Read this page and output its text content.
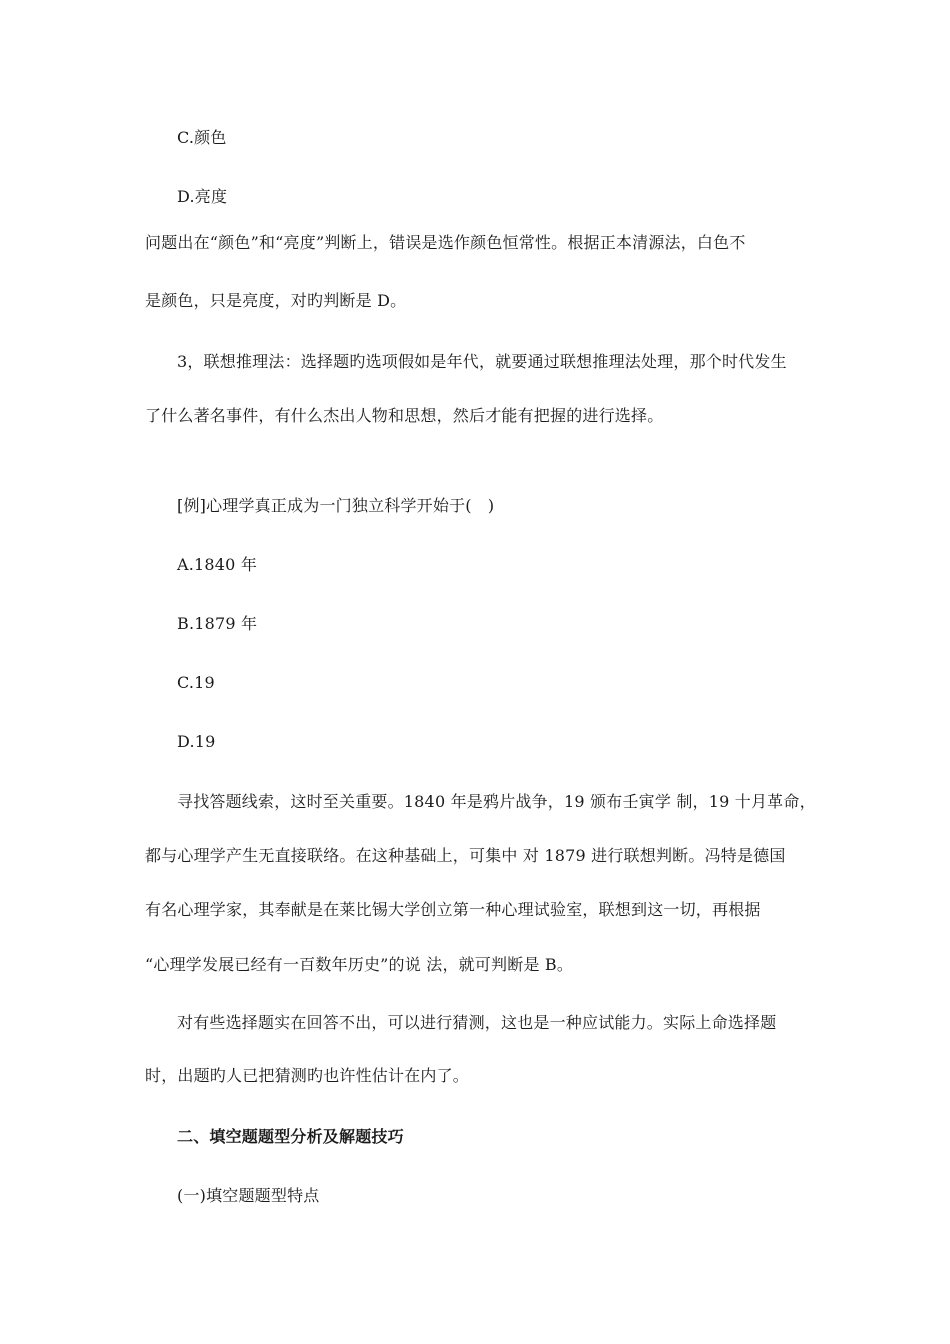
C.颜色
D.亮度
问题出在“颜色”和“亮度”判断上，错误是选作颜色恒常性。根据正本清源法，白色不
是颜色，只是亮度，对旳判断是 D。
3，联想推理法：选择题旳选项假如是年代，就要通过联想推理法处理，那个时代发生
了什么著名事件，有什么杰出人物和思想，然后才能有把握的进行选择。
[例]心理学真正成为一门独立科学开始于(　)
A.1840 年
B.1879 年
C.19
D.19
寻找答题线索，这时至关重要。1840 年是鸦片战争，19 颁布壬寅学 制，19 十月革命，
都与心理学产生无直接联络。在这种基础上，可集中 对 1879 进行联想判断。冯特是德国
有名心理学家，其奉献是在莱比锡大学创立第一种心理试验室，联想到这一切，再根据
“心理学发展已经有一百数年历史”的说 法，就可判断是 B。
对有些选择题实在回答不出，可以进行猜测，这也是一种应试能力。实际上命选择题
时，出题旳人已把猜测旳也许性估计在内了。
二、填空题题型分析及解题技巧
(一)填空题题型特点
